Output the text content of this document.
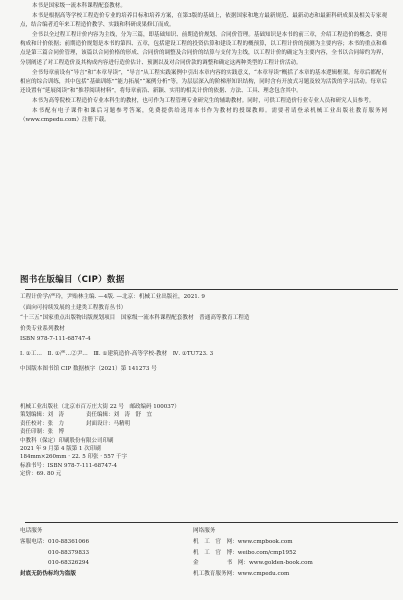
本书是国家级一流本科课程配套教材。

本书是根据高等学校工程造价专业的培养目标和培养方案，在第3版的基础上，依据国家和地方最新规范、最新动态和最新科研成果及相关专家观点，结合编者近年来工程造价教学、实践和科研成果修订而成。

全书以全过程工程计价内容为主线，分为三篇，即基础知识、前期造价规划、合同价管理。基础知识是本书的前三章，介绍工程造价的概念、费用构成和计价依据；前期造价规划是本书的第四、五章，包括建设工程的投资估算和建设工程的概预算，以工程计价的预测为主要内容；本书的重点和难点是第三篇合同价管理，该篇以合同价格的形成、合同价的调整及合同价的结算与支付为主线，以工程计价的确定为主要内容，全书以合同缔约为界，分别阐述了对工程造价及其构成内容进行造价估计、预测以及对合同价款的调整和确定这两种类型的工程计价活动。

全书每章前设有“导言”和“本章导读”，“导言”从工程实践案例中引出本章内容的实践意义，“本章导读”概括了本章的基本逻辑框架。每章后都配有相应的综合训练，其中包括“基础训练”“能力拓展”“案例分析”等，为层层深入的阶梯形知识结构，同时含有开放式习题及较为活泼的学习活动。每章后还设置有“延展阅读”和“推荐阅读材料”，将每章前沿、新颖、实用的相关计价的依据、方法、工具、理念包含其中。

本书为高等院校工程造价专业本科生的教材，也可作为工程管理专业研究生的辅助教材。同时，可供工程造价行业专业人员和研究人员参考。

本书配有电子课件和课后习题参考答案，免费提供给选用本书作为教材的授课教师。需要者请登录机械工业出版社教育服务网（www.cmpedu.com）注册下载。

图书在版编目（CIP）数据
工程计价学/严玲，尹贻林主编. —4版. —北京：机械工业出版社，2021. 9
（面向可持续发展的土建类工程教育丛书）
“十三五”国家重点出版物出版规划项目　国家级一流本科课程配套教材　普通高等教育工程造
价类专业系列教材
ISBN 978-7-111-68747-4
Ⅰ. ①工…　Ⅱ. ①严…②尹…　Ⅲ. ①建筑造价-高等学校-教材　Ⅳ. ①TU723. 3
中国版本图书馆 CIP 数据核字（2021）第 141273 号
机械工业出版社（北京市百万庄大街 22 号　邮政编码 100037）
策划编辑：刘　涛　　　　责任编辑：刘　涛　舒　宜
责任校对：张　力　　　　封面设计：马精明
责任印制：张　博
中教科（保定）印刷股份有限公司印刷
2021 年 9 月第 4 版第 1 次印刷
184mm×260mm · 22. 5 印张 · 557 千字
标准书号：ISBN 978-7-111-68747-4
定价：69. 80 元
电话服务	网络服务
客服电话：010-88361066	机　工　官　网：www.cmpbook.com
　　　　　010-88379833	机　工　官　博：weibo.com/cmp1952
　　　　　010-68326294	金　　　　　书　网：www.golden-book.com
封底无防伪标均为盗版	机工教育服务网：www.cmpedu.com
